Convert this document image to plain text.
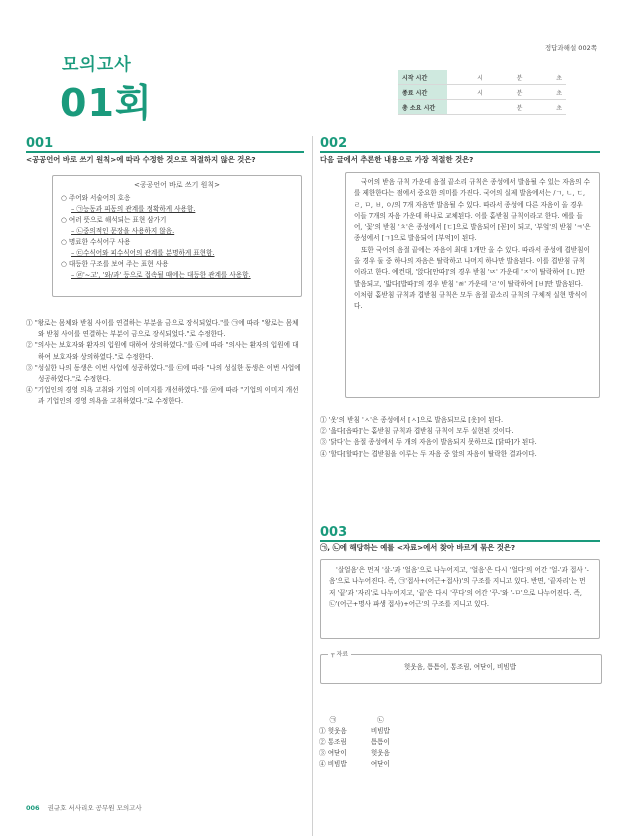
정답과해설 002쪽
모의고사
01회
시작 시간	시	분	초
종료 시간	시	분	초
총 소요 시간		분	초
001
<공공언어 바로 쓰기 원칙>에 따라 수정한 것으로 적절하지 않은 것은?
<공공언어 바로 쓰기 원칙>
○ 주어와 서술어의 호응
– ㉠능동과 피동의 관계를 정확하게 사용함.
○ 여러 뜻으로 해석되는 표현 삼가기
– ㉡중의적인 문장을 사용하지 않음.
○ 명료한 수식어구 사용
– ㉢수식어와 피수식어의 관계를 분명하게 표현함.
○ 대등한 구조를 보여 주는 표현 사용
– ㉣'~고', '와/과' 등으로 접속될 때에는 대등한 관계를 사용함.
① "왕로는 몸체와 받침 사이를 연결하는 부분을 금으로 장식되었다."를 ㉠에 따라 "왕로는 몸체와 받침 사이를 연결하는 부분이 금으로 장식되었다."로 수정한다.
② "의사는 보호자와 환자의 입원에 대하여 상의하였다."를 ㉡에 따라 "의사는 환자의 입원에 대하여 보호자와 상의하였다."로 수정한다.
③ "성실한 나의 동생은 이번 사업에 성공하였다."를 ㉢에 따라 "나의 성실한 동생은 이번 사업에 성공하였다."로 수정한다.
④ "기업인의 경영 의욕 고취와 기업의 이미지를 개선하였다."를 ㉣에 따라 "기업의 이미지 개선과 기업인의 경영 의욕을 고취하였다."로 수정한다.
002
다음 글에서 추론한 내용으로 가장 적절한 것은?

국어의 받음 규칙 가운데 음절 끝소리 규칙은 종성에서 발음될 수 있는 자음의 수를 제한한다는 점에서 중요한 의미를 가진다. 국어의 실제 발음에서는 /ㄱ, ㄴ, ㄷ, ㄹ, ㅁ, ㅂ, ㅇ/의 7개 자음만 발음될 수 있다. 따라서 종성에 다른 자음이 올 경우 이들 7개의 자음 가운데 하나로 교체된다. 이를 홑받침 규칙이라고 한다. 예를 들어, '꽃'의 받침 'ㅊ'은 종성에서 [ㄷ]으로 발음되어 [꼳]이 되고, '부엌'의 받침 'ㅋ'은 종성에서 [ㄱ]으로 발음되어 [부억]이 된다.

또한 국어의 음절 끝에는 자음이 최대 1개만 올 수 있다. 따라서 종성에 겹받침이 올 경우 둘 중 하나의 자음은 탈락하고 나머지 하나만 발음된다. 이를 겹받침 규칙이라고 한다. 예컨대, '앉다[안따]'의 경우 받침 'ㄵ' 가운데 'ㅈ'이 탈락하여 [ㄴ]만 발음되고, '밟다[밥따]'의 경우 받침 'ㄼ' 가운데 'ㄹ'이 탈락하여 [ㅂ]만 발음된다. 이처럼 홑받침 규칙과 겹받침 규칙은 모두 음절 끝소리 규칙의 구체적 실현 방식이다.

① '옷'의 받침 'ㅅ'은 종성에서 [ㅅ]으로 발음되므로 [옷]이 된다.
② '읊다[읍따]'는 홑받침 규칙과 겹받침 규칙이 모두 실현된 것이다.
③ '닭다'는 음절 종성에서 두 개의 자음이 발음되지 못하므로 [닭따]가 된다.
④ '할다[할따]'는 겹받침을 이루는 두 자음 중 앞의 자음이 탈락한 결과이다.
003
㉠, ㉡에 해당하는 예를 <자료>에서 찾아 바르게 묶은 것은?

'살얼음'은 먼저 '살-'과 '얼음'으로 나누어지고, '얼음'은 다시 '얼다'의 어간 '얼-'과 접사 '-음'으로 나누어진다. 즉, ㉠'접사+(어근+접사)'의 구조를 지니고 있다. 반면, '끝자리'는 먼저 '끝'과 '자리'로 나누어지고, '끝'은 다시 '꾸다'의 어간 '꾸-'와 '-ㅁ'으로 나누어진다. 즉, ㉡'(어근+명사 파생 접사)+어근'의 구조를 지니고 있다.

┬ 자료
헛웃음, 틈틈이, 통조림, 여닫이, 비빔밥
㉠	㉡
① 헛웃음	비빔밥
② 통조림	틈틈이
③ 여닫이	헛웃음
④ 비빔밥	여닫이
006 권규호 서사리오 공무원 모의고사
